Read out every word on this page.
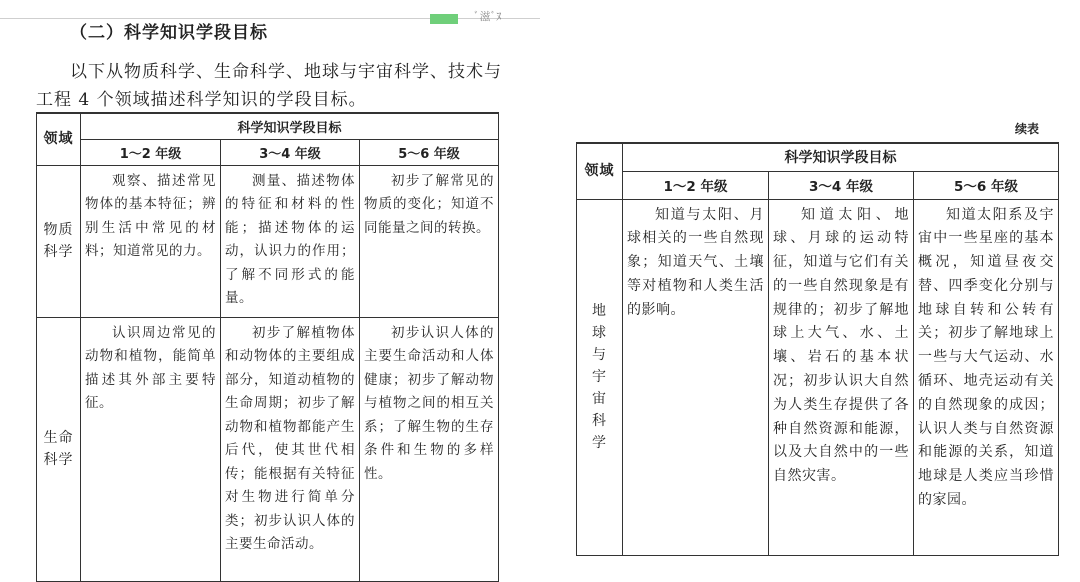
ﾞ滋ﾞﾇ
（二）科学知识学段目标
以下从物质科学、生命科学、地球与宇宙科学、技术与工程 4 个领域描述科学知识的学段目标。
领域	科学知识学段目标		
	1～2 年级	3～4 年级	5～6 年级
物质科学	观察、描述常见物体的基本特征；辨别生活中常见的材料；知道常见的力。	测量、描述物体的特征和材料的性能；描述物体的运动，认识力的作用；了解不同形式的能量。	初步了解常见的物质的变化；知道不同能量之间的转换。
生命科学	认识周边常见的动物和植物，能简单描述其外部主要特征。	初步了解植物体和动物体的主要组成部分，知道动植物的生命周期；初步了解动物和植物都能产生后代，使其世代相传；能根据有关特征对生物进行简单分类；初步认识人体的主要生命活动。	初步认识人体的主要生命活动和人体健康；初步了解动物与植物之间的相互关系；了解生物的生存条件和生物的多样性。
续表
领域	科学知识学段目标		
	1～2 年级	3～4 年级	5～6 年级
地球与宇宙科学	知道与太阳、月球相关的一些自然现象；知道天气、土壤等对植物和人类生活的影响。	知道太阳、地球、月球的运动特征，知道与它们有关的一些自然现象是有规律的；初步了解地球上大气、水、土壤、岩石的基本状况；初步认识大自然为人类生存提供了各种自然资源和能源，以及大自然中的一些自然灾害。	知道太阳系及宇宙中一些星座的基本概况，知道昼夜交替、四季变化分别与地球自转和公转有关；初步了解地球上一些与大气运动、水循环、地壳运动有关的自然现象的成因；认识人类与自然资源和能源的关系，知道地球是人类应当珍惜的家园。
